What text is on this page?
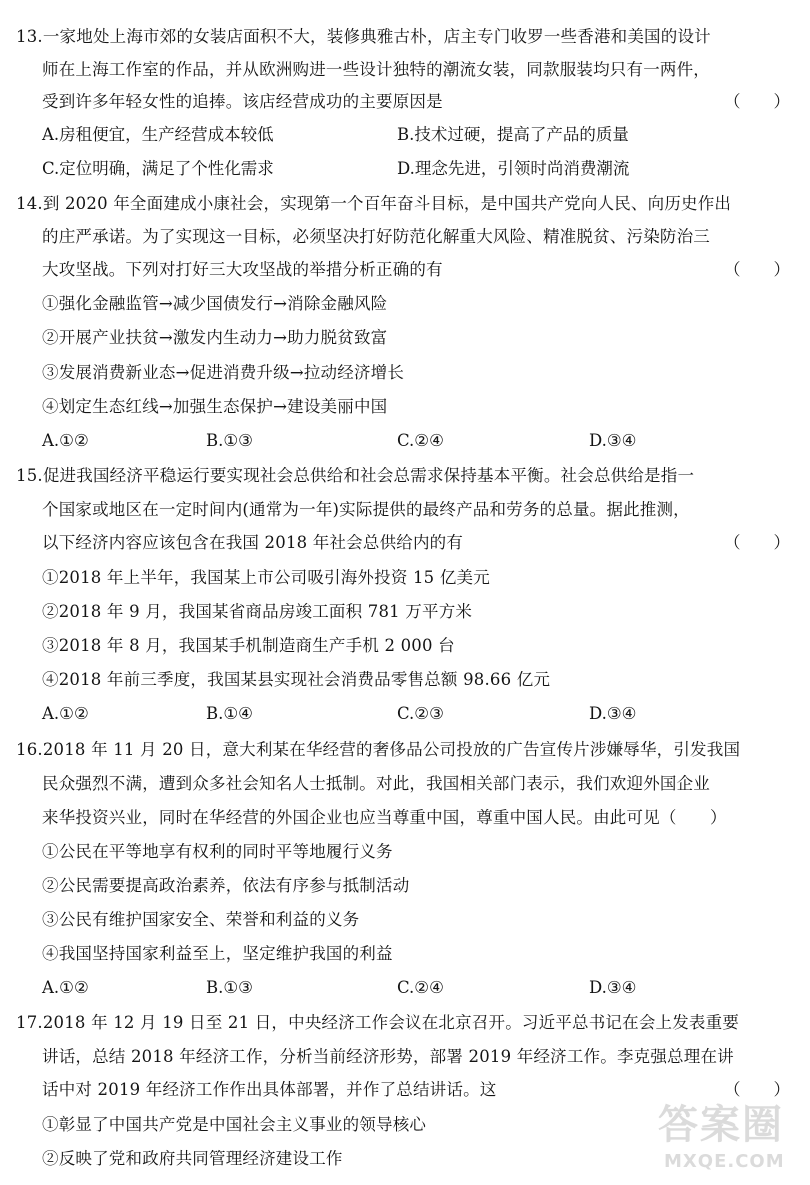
13.一家地处上海市郊的女装店面积不大，装修典雅古朴，店主专门收罗一些香港和美国的设计
师在上海工作室的作品，并从欧洲购进一些设计独特的潮流女装，同款服装均只有一两件，
受到许多年轻女性的追捧。该店经营成功的主要原因是	（　　）
A.房租便宜，生产经营成本较低	B.技术过硬，提高了产品的质量
C.定位明确，满足了个性化需求	D.理念先进，引领时尚消费潮流
14.到 2020 年全面建成小康社会，实现第一个百年奋斗目标，是中国共产党向人民、向历史作出
的庄严承诺。为了实现这一目标，必须坚决打好防范化解重大风险、精准脱贫、污染防治三
大攻坚战。下列对打好三大攻坚战的举措分析正确的有	（　　）
①强化金融监管→减少国债发行→消除金融风险
②开展产业扶贫→激发内生动力→助力脱贫致富
③发展消费新业态→促进消费升级→拉动经济增长
④划定生态红线→加强生态保护→建设美丽中国
A.①②	B.①③	C.②④	D.③④
15.促进我国经济平稳运行要实现社会总供给和社会总需求保持基本平衡。社会总供给是指一
个国家或地区在一定时间内(通常为一年)实际提供的最终产品和劳务的总量。据此推测，
以下经济内容应该包含在我国 2018 年社会总供给内的有	（　　）
①2018 年上半年，我国某上市公司吸引海外投资 15 亿美元
②2018 年 9 月，我国某省商品房竣工面积 781 万平方米
③2018 年 8 月，我国某手机制造商生产手机 2 000 台
④2018 年前三季度，我国某县实现社会消费品零售总额 98.66 亿元
A.①②	B.①④	C.②③	D.③④
16.2018 年 11 月 20 日，意大利某在华经营的奢侈品公司投放的广告宣传片涉嫌辱华，引发我国
民众强烈不满，遭到众多社会知名人士抵制。对此，我国相关部门表示，我们欢迎外国企业
来华投资兴业，同时在华经营的外国企业也应当尊重中国，尊重中国人民。由此可见（　　）
①公民在平等地享有权利的同时平等地履行义务
②公民需要提高政治素养，依法有序参与抵制活动
③公民有维护国家安全、荣誉和利益的义务
④我国坚持国家利益至上，坚定维护我国的利益
A.①②	B.①③	C.②④	D.③④
17.2018 年 12 月 19 日至 21 日，中央经济工作会议在北京召开。习近平总书记在会上发表重要
讲话，总结 2018 年经济工作，分析当前经济形势，部署 2019 年经济工作。李克强总理在讲
话中对 2019 年经济工作作出具体部署，并作了总结讲话。这	（　　）
①彰显了中国共产党是中国社会主义事业的领导核心
②反映了党和政府共同管理经济建设工作
答案圈
MXQE.COM
